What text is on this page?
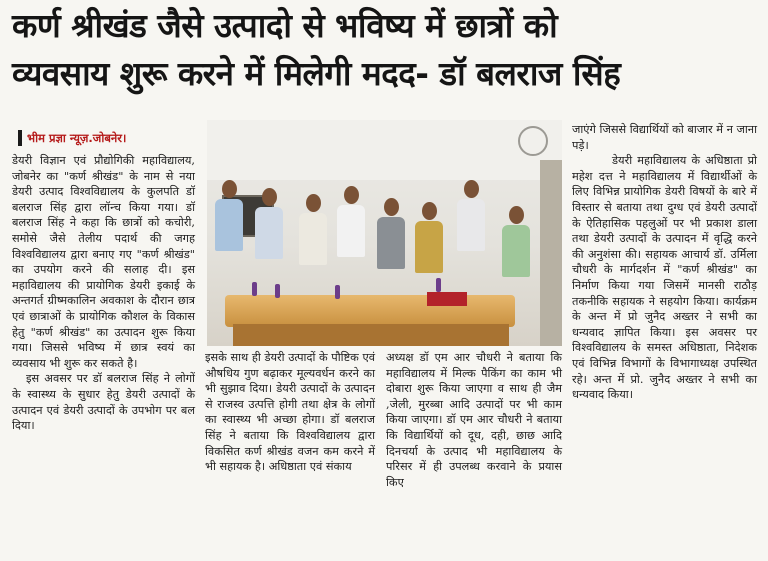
कर्ण श्रीखंड जैसे उत्पादो से भविष्य में छात्रों को
व्यवसाय शुरू करने में मिलेगी मदद- डॉ बलराज सिंह
भीम प्रज्ञा न्यूज़.जोबनेर।

डेयरी विज्ञान एवं प्रौद्योगिकी महाविद्यालय, जोबनेर का "कर्ण श्रीखंड" के नाम से नया डेयरी उत्पाद विश्वविद्यालय के कुलपति डॉ बलराज सिंह द्वारा लॉन्च किया गया। डॉ बलराज सिंह ने कहा कि छात्रों को कचोरी, समोसे जैसे तेलीय पदार्थ की जगह विश्वविद्यालय द्वारा बनाए गए "कर्ण श्रीखंड" का उपयोग करने की सलाह दी। इस महाविद्यालय की प्रायोगिक डेयरी इकाई के अन्तगर्त ग्रीष्मकालिन अवकाश के दौरान छात्र एवं छात्राओं के प्रायोगिक कौशल के विकास हेतु "कर्ण श्रीखंड" का उत्पादन शुरू किया गया। जिससे भविष्य में छात्र स्वयं का व्यवसाय भी शुरू कर सकते है।

इस अवसर पर डॉ बलराज सिंह ने लोगों के स्वास्थ्य के सुधार हेतु डेयरी उत्पादों के उत्पादन एवं डेयरी उत्पादों के उपभोग पर बल दिया।

इसके साथ ही डेयरी उत्पादों के पौष्टिक एवं औषधिय गुण बढ़ाकर मूल्यवर्धन करने का भी सुझाव दिया। डेयरी उत्पादों के उत्पादन से राजस्व उत्पत्ति होगी तथा क्षेत्र के लोगों का स्वास्थ्य भी अच्छा होगा। डॉ बलराज सिंह ने बताया कि विश्वविद्यालय द्वारा विकसित कर्ण श्रीखंड वजन कम करने में भी सहायक है। अधिष्ठाता एवं संकाय

अध्यक्ष डॉ एम आर चौधरी ने बताया कि महाविद्यालय में मिल्क पैकिंग का काम भी दोबारा शुरू किया जाएगा व साथ ही जैम ,जेली, मुरब्बा आदि उत्पादों पर भी काम किया जाएगा। डॉ एम आर चौधरी ने बताया कि विद्यार्थियों को दूध, दही, छाछ आदि दिनचर्या के उत्पाद भी महाविद्यालय के परिसर में ही उपलब्ध करवाने के प्रयास किए

जाएंगे जिससे विद्यार्थियों को बाजार में न जाना पड़े।

डेयरी महाविद्यालय के अधिष्ठाता प्रो महेश दत्त ने महाविद्यालय में विद्यार्थीओं के लिए विभिन्न प्रायोगिक डेयरी विषयों के बारे में विस्तार से बताया तथा दुग्ध एवं डेयरी उत्पादों के ऐतिहासिक पहलुओं पर भी प्रकाश डाला तथा डेयरी उत्पादों के उत्पादन में वृद्धि करने की अनुशंसा की। सहायक आचार्य डॉ. उर्मिला चौधरी के मार्गदर्शन में "कर्ण श्रीखंड" का निर्माण किया गया जिसमें मानसी राठौड़ तकनीकि सहायक ने सहयोग किया। कार्यक्रम के अन्त में प्रो जुनैद अख्तर ने सभी का धन्यवाद ज्ञापित किया। इस अवसर पर विश्वविद्यालय के समस्त अधिष्ठाता, निदेशक एवं विभिन्न विभागों के विभागाध्यक्ष उपस्थित रहे। अन्त में प्रो. जुनैद अख्तर ने सभी का धन्यवाद किया।
